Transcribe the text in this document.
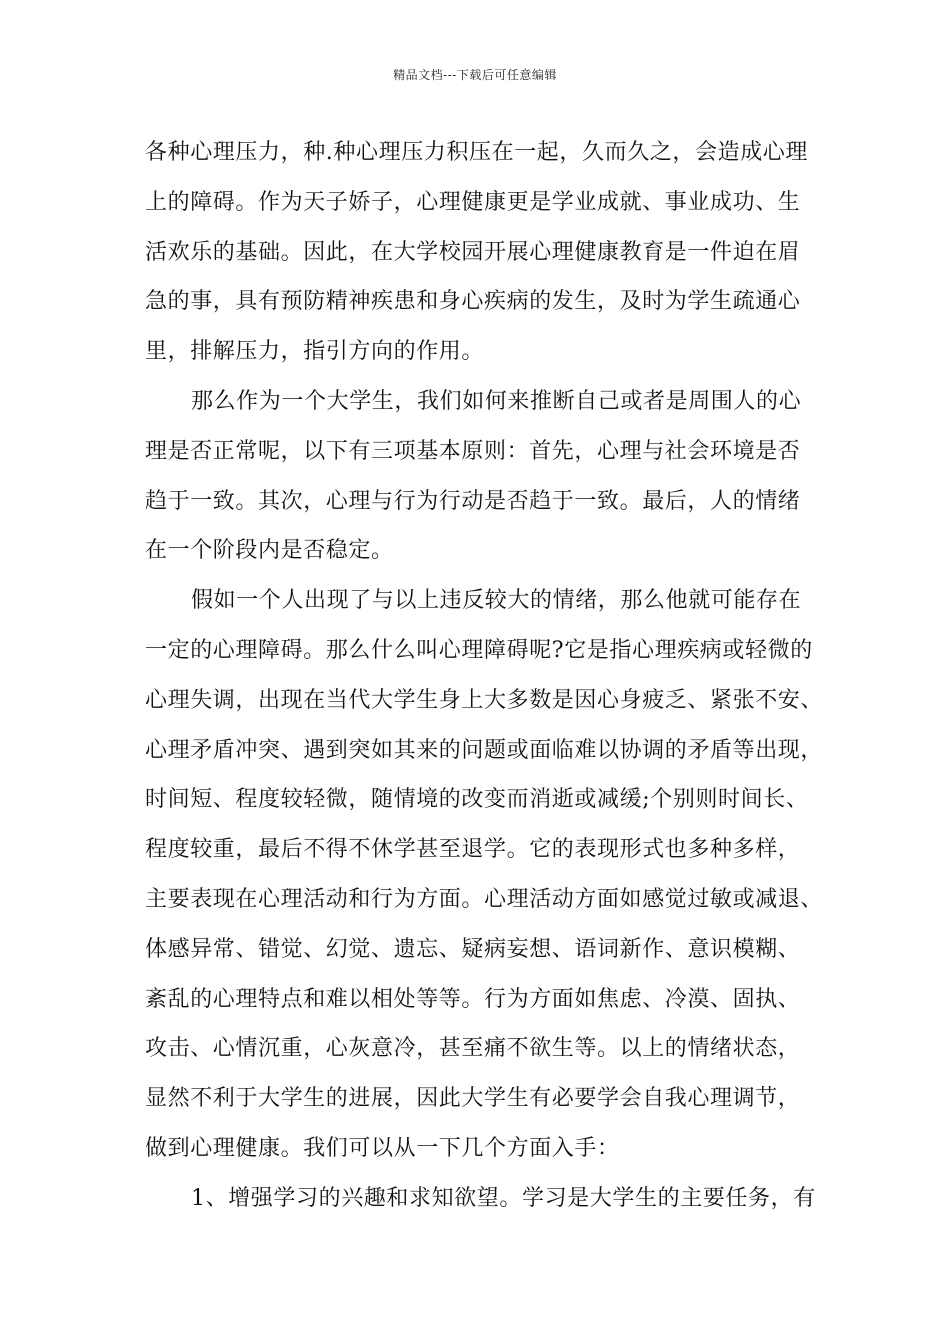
精品文档---下载后可任意编辑
各种心理压力，种.种心理压力积压在一起，久而久之，会造成心理
上的障碍。作为天子娇子，心理健康更是学业成就、事业成功、生
活欢乐的基础。因此，在大学校园开展心理健康教育是一件迫在眉
急的事，具有预防精神疾患和身心疾病的发生，及时为学生疏通心
里，排解压力，指引方向的作用。
那么作为一个大学生，我们如何来推断自己或者是周围人的心
理是否正常呢，以下有三项基本原则：首先，心理与社会环境是否
趋于一致。其次，心理与行为行动是否趋于一致。最后，人的情绪
在一个阶段内是否稳定。
假如一个人出现了与以上违反较大的情绪，那么他就可能存在
一定的心理障碍。那么什么叫心理障碍呢?它是指心理疾病或轻微的
心理失调，出现在当代大学生身上大多数是因心身疲乏、紧张不安、
心理矛盾冲突、遇到突如其来的问题或面临难以协调的矛盾等出现，
时间短、程度较轻微，随情境的改变而消逝或减缓;个别则时间长、
程度较重，最后不得不休学甚至退学。它的表现形式也多种多样，
主要表现在心理活动和行为方面。心理活动方面如感觉过敏或减退、
体感异常、错觉、幻觉、遗忘、疑病妄想、语词新作、意识模糊、
紊乱的心理特点和难以相处等等。行为方面如焦虑、冷漠、固执、
攻击、心情沉重，心灰意冷，甚至痛不欲生等。以上的情绪状态，
显然不利于大学生的进展，因此大学生有必要学会自我心理调节，
做到心理健康。我们可以从一下几个方面入手：
1、增强学习的兴趣和求知欲望。学习是大学生的主要任务，有
